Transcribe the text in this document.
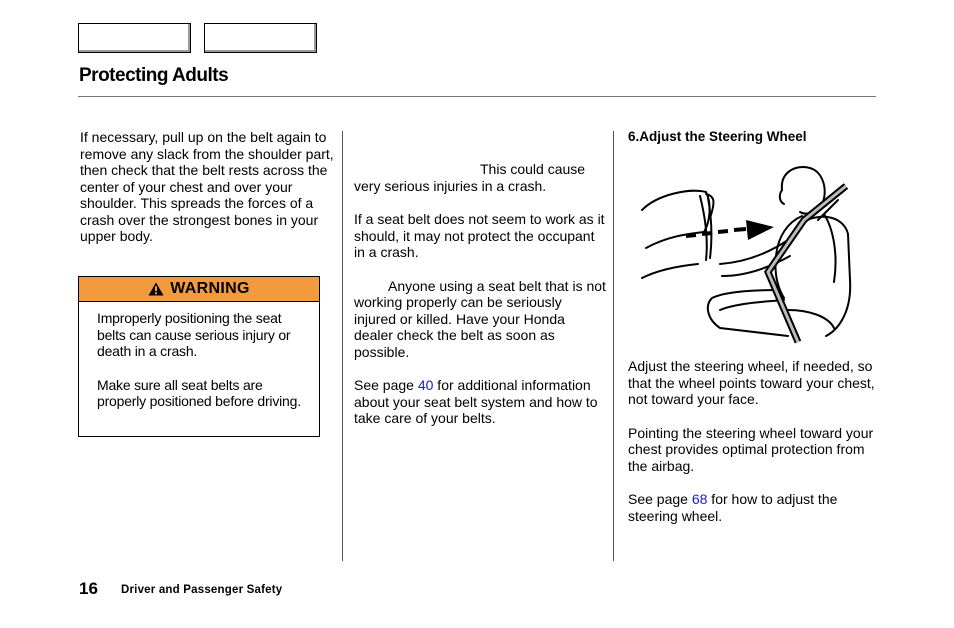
Protecting Adults

If necessary, pull up on the belt again to remove any slack from the shoulder part, then check that the belt rests across the center of your chest and over your shoulder. This spreads the forces of a crash over the strongest bones in your upper body.

WARNING

Improperly positioning the seat belts can cause serious injury or death in a crash.

Make sure all seat belts are properly positioned before driving.

This could cause very serious injuries in a crash.

If a seat belt does not seem to work as it should, it may not protect the occupant in a crash.

Anyone using a seat belt that is not working properly can be seriously injured or killed. Have your Honda dealer check the belt as soon as possible.

See page 40 for additional information about your seat belt system and how to take care of your belts.

6.Adjust the Steering Wheel

Adjust the steering wheel, if needed, so that the wheel points toward your chest, not toward your face.

Pointing the steering wheel toward your chest provides optimal protection from the airbag.

See page 68 for how to adjust the steering wheel.

16 Driver and Passenger Safety
